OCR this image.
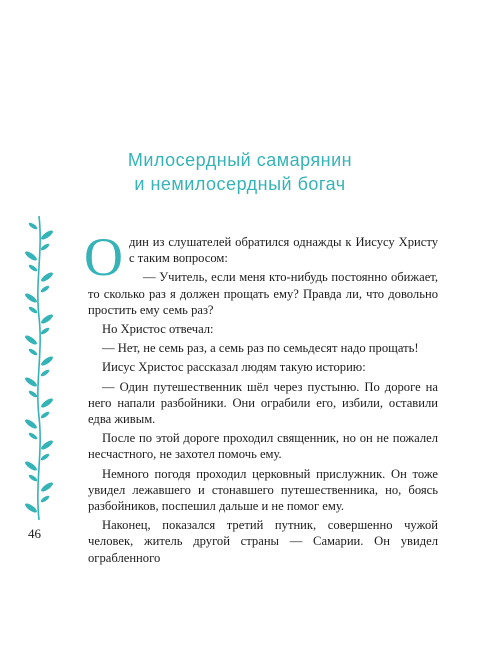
Милосердный самарянин
и немилосердный богач

Один из слушателей обратился однажды к Иисусу Христу с таким вопросом:

— Учитель, если меня кто-нибудь постоянно обижает, то сколько раз я должен прощать ему? Правда ли, что довольно простить ему семь раз?

Но Христос отвечал:

— Нет, не семь раз, а семь раз по семьдесят надо прощать!

Иисус Христос рассказал людям такую историю:

— Один путешественник шёл через пустыню. По дороге на него напали разбойники. Они ограбили его, избили, оставили едва живым.

После по этой дороге проходил священник, но он не пожалел несчастного, не захотел помочь ему.

Немного погодя проходил церковный прислужник. Он тоже увидел лежавшего и стонавшего путешественника, но, боясь разбойников, поспешил дальше и не помог ему.

Наконец, показался третий путник, совершенно чужой человек, житель другой страны — Самарии. Он увидел ограбленного

46
